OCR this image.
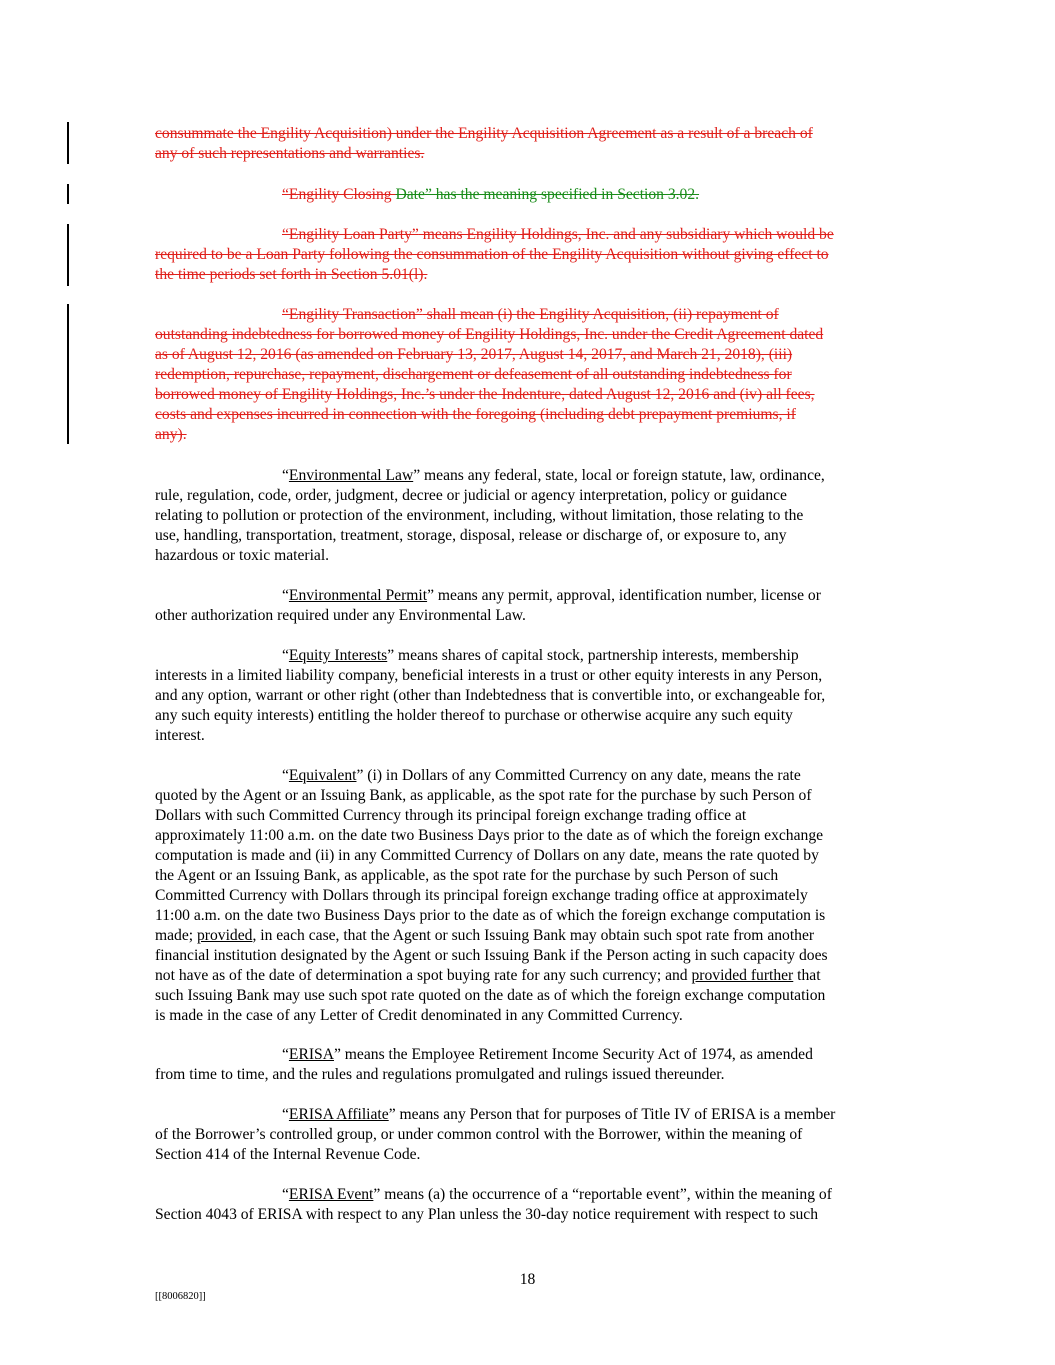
consummate the Engility Acquisition) under the Engility Acquisition Agreement as a result of a breach of
any of such representations and warranties.
“Engility Closing Date” has the meaning specified in Section 3.02.
“Engility Loan Party” means Engility Holdings, Inc. and any subsidiary which would be
required to be a Loan Party following the consummation of the Engility Acquisition without giving effect to
the time periods set forth in Section 5.01(l).
“Engility Transaction” shall mean (i) the Engility Acquisition, (ii) repayment of
outstanding indebtedness for borrowed money of Engility Holdings, Inc. under the Credit Agreement dated
as of August 12, 2016 (as amended on February 13, 2017, August 14, 2017, and March 21, 2018), (iii)
redemption, repurchase, repayment, dischargement or defeasement of all outstanding indebtedness for
borrowed money of Engility Holdings, Inc.’s under the Indenture, dated August 12, 2016 and (iv) all fees,
costs and expenses incurred in connection with the foregoing (including debt prepayment premiums, if
any).
“Environmental Law” means any federal, state, local or foreign statute, law, ordinance,
rule, regulation, code, order, judgment, decree or judicial or agency interpretation, policy or guidance
relating to pollution or protection of the environment, including, without limitation, those relating to the
use, handling, transportation, treatment, storage, disposal, release or discharge of, or exposure to, any
hazardous or toxic material.
“Environmental Permit” means any permit, approval, identification number, license or
other authorization required under any Environmental Law.
“Equity Interests” means shares of capital stock, partnership interests, membership
interests in a limited liability company, beneficial interests in a trust or other equity interests in any Person,
and any option, warrant or other right (other than Indebtedness that is convertible into, or exchangeable for,
any such equity interests) entitling the holder thereof to purchase or otherwise acquire any such equity
interest.
“Equivalent” (i) in Dollars of any Committed Currency on any date, means the rate
quoted by the Agent or an Issuing Bank, as applicable, as the spot rate for the purchase by such Person of
Dollars with such Committed Currency through its principal foreign exchange trading office at
approximately 11:00 a.m. on the date two Business Days prior to the date as of which the foreign exchange
computation is made and (ii) in any Committed Currency of Dollars on any date, means the rate quoted by
the Agent or an Issuing Bank, as applicable, as the spot rate for the purchase by such Person of such
Committed Currency with Dollars through its principal foreign exchange trading office at approximately
11:00 a.m. on the date two Business Days prior to the date as of which the foreign exchange computation is
made; provided, in each case, that the Agent or such Issuing Bank may obtain such spot rate from another
financial institution designated by the Agent or such Issuing Bank if the Person acting in such capacity does
not have as of the date of determination a spot buying rate for any such currency; and provided further that
such Issuing Bank may use such spot rate quoted on the date as of which the foreign exchange computation
is made in the case of any Letter of Credit denominated in any Committed Currency.
“ERISA” means the Employee Retirement Income Security Act of 1974, as amended
from time to time, and the rules and regulations promulgated and rulings issued thereunder.
“ERISA Affiliate” means any Person that for purposes of Title IV of ERISA is a member
of the Borrower’s controlled group, or under common control with the Borrower, within the meaning of
Section 414 of the Internal Revenue Code.
“ERISA Event” means (a) the occurrence of a “reportable event”, within the meaning of
Section 4043 of ERISA with respect to any Plan unless the 30-day notice requirement with respect to such
18
[[8006820]]
